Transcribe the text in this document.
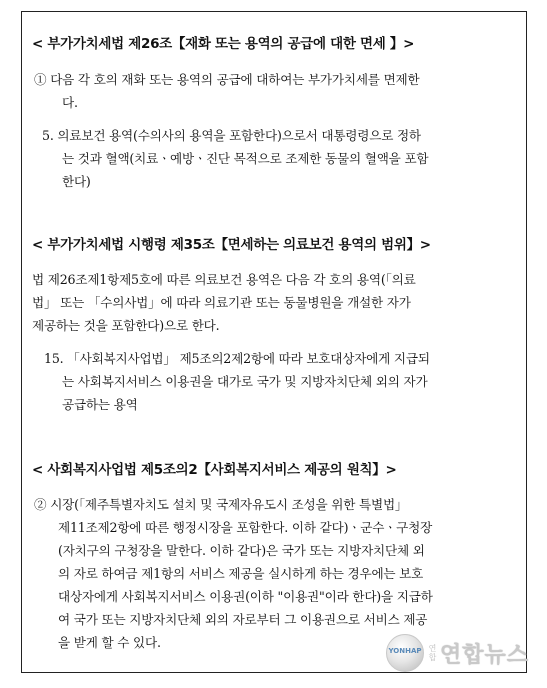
< 부가가치세법 제26조【재화 또는 용역의 공급에 대한 면세 】>
① 다음 각 호의 재화 또는 용역의 공급에 대하여는 부가가치세를 면제한
다.
5. 의료보건 용역(수의사의 용역을 포함한다)으로서 대통령령으로 정하
는 것과 혈액(치료ㆍ예방ㆍ진단 목적으로 조제한 동물의 혈액을 포함
한다)
< 부가가치세법 시행령 제35조【면세하는 의료보건 용역의 범위】>
법 제26조제1항제5호에 따른 의료보건 용역은 다음 각 호의 용역(「의료
법」 또는 「수의사법」에 따라 의료기관 또는 동물병원을 개설한 자가
제공하는 것을 포함한다)으로 한다.
15. 「사회복지사업법」 제5조의2제2항에 따라 보호대상자에게 지급되
는 사회복지서비스 이용권을 대가로 국가 및 지방자치단체 외의 자가
공급하는 용역
< 사회복지사업법 제5조의2【사회복지서비스 제공의 원칙】>
② 시장(「제주특별자치도 설치 및 국제자유도시 조성을 위한 특별법」
제11조제2항에 따른 행정시장을 포함한다. 이하 같다)ㆍ군수ㆍ구청장
(자치구의 구청장을 말한다. 이하 같다)은 국가 또는 지방자치단체 외
의 자로 하여금 제1항의 서비스 제공을 실시하게 하는 경우에는 보호
대상자에게 사회복지서비스 이용권(이하 "이용권"이라 한다)을 지급하
여 국가 또는 지방자치단체 외의 자로부터 그 이용권으로 서비스 제공
을 받게 할 수 있다.
YONHAP 연합 연합뉴스
